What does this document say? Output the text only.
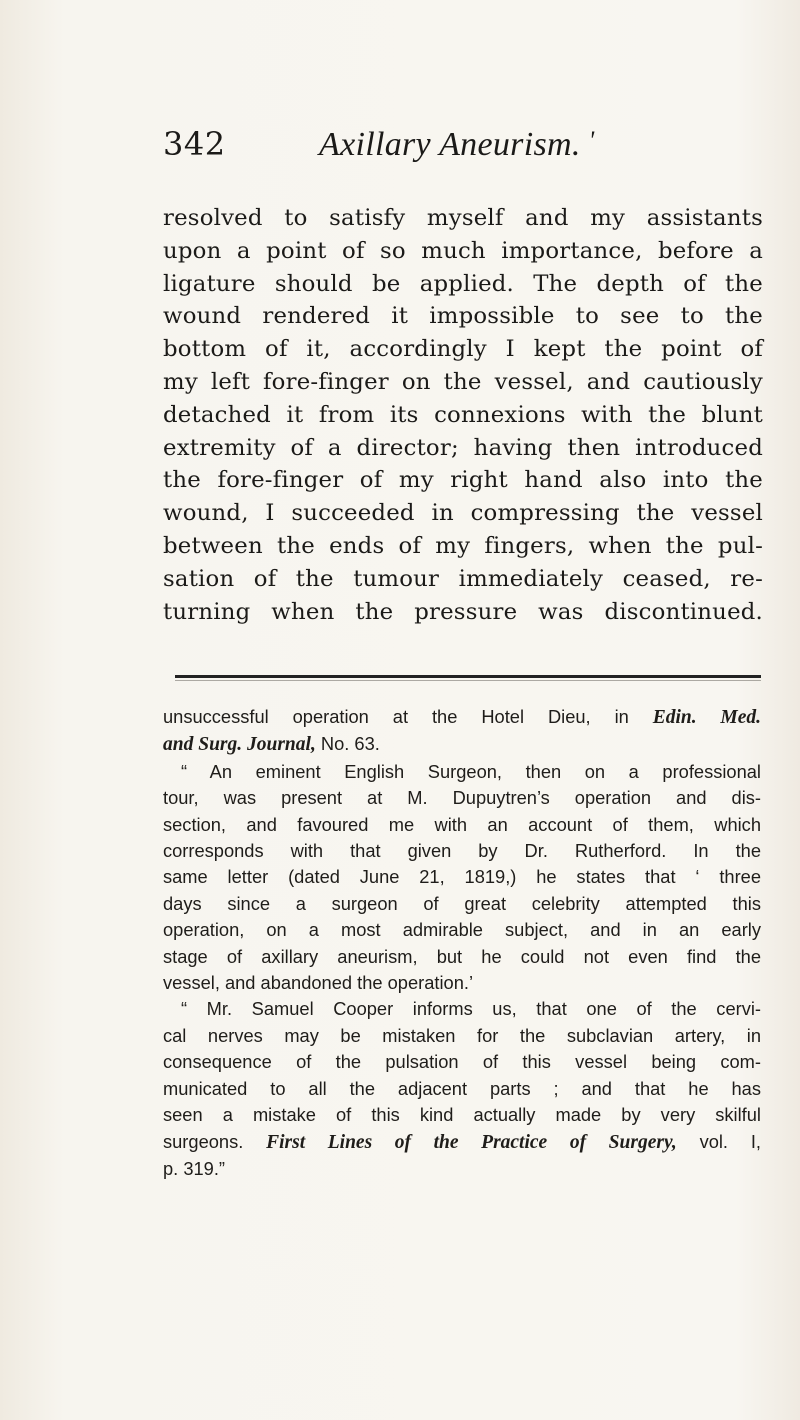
342	Axillary Aneurism. '

resolved to satisfy myself and my assistants
upon a point of so much importance, before a
ligature should be applied. The depth of the
wound rendered it impossible to see to the
bottom of it, accordingly I kept the point of
my left fore-finger on the vessel, and cautiously
detached it from its connexions with the blunt
extremity of a director; having then introduced
the fore-finger of my right hand also into the
wound, I succeeded in compressing the vessel
between the ends of my fingers, when the pul-
sation of the tumour immediately ceased, re-
turning when the pressure was discontinued.

unsuccessful operation at the Hotel Dieu, in Edin. Med.
and Surg. Journal, No. 63.
“ An eminent English Surgeon, then on a professional
tour, was present at M. Dupuytren’s operation and dis-
section, and favoured me with an account of them, which
corresponds with that given by Dr. Rutherford. In the
same letter (dated June 21, 1819,) he states that ‘ three
days since a surgeon of great celebrity attempted this
operation, on a most admirable subject, and in an early
stage of axillary aneurism, but he could not even find the
vessel, and abandoned the operation.’
“ Mr. Samuel Cooper informs us, that one of the cervi-
cal nerves may be mistaken for the subclavian artery, in
consequence of the pulsation of this vessel being com-
municated to all the adjacent parts ; and that he has
seen a mistake of this kind actually made by very skilful
surgeons. First Lines of the Practice of Surgery, vol. I,
p. 319.”
